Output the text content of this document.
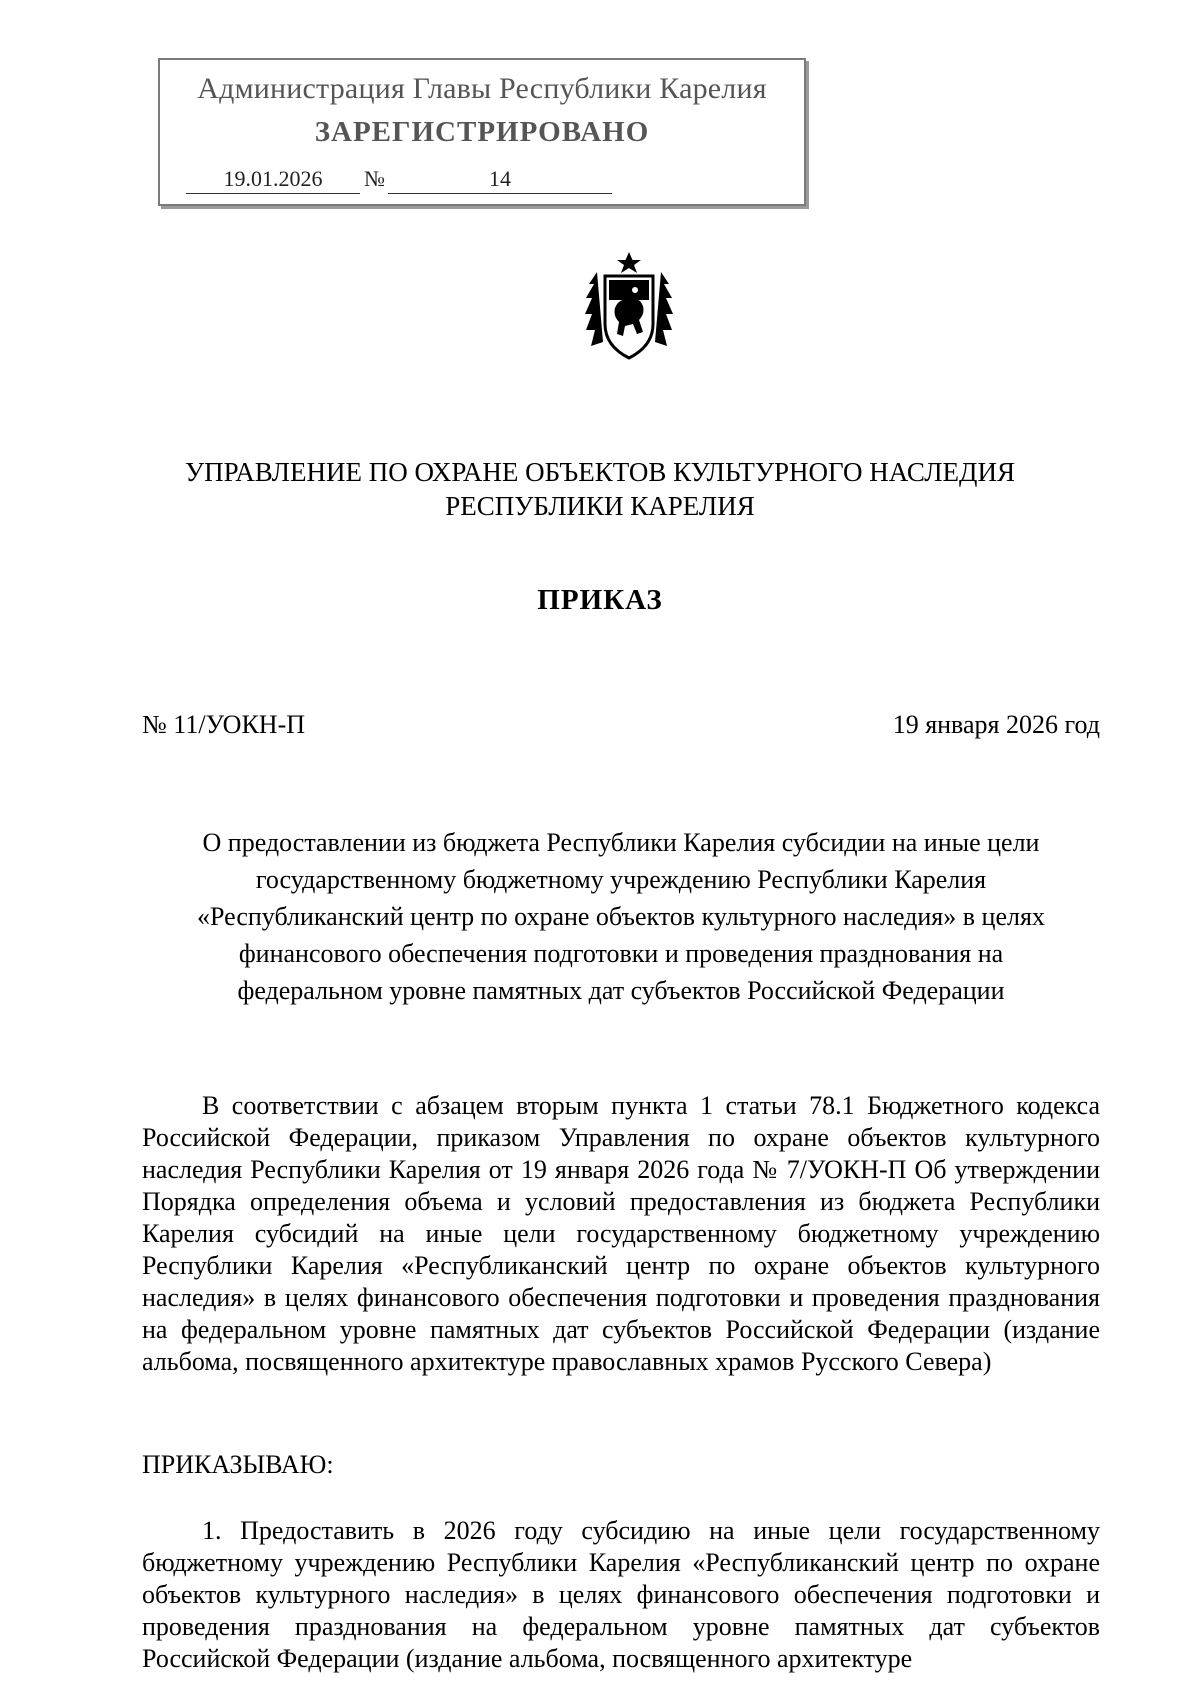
Администрация Главы Республики Карелия
ЗАРЕГИСТРИРОВАНО
19.01.2026	№	14
УПРАВЛЕНИЕ ПО ОХРАНЕ ОБЪЕКТОВ КУЛЬТУРНОГО НАСЛЕДИЯ
РЕСПУБЛИКИ КАРЕЛИЯ
ПРИКАЗ
№ 11/УОКН-П	19 января 2026 год
О предоставлении из бюджета Республики Карелия субсидии на иные цели
государственному бюджетному учреждению Республики Карелия
«Республиканский центр по охране объектов культурного наследия» в целях
финансового обеспечения подготовки и проведения празднования на
федеральном уровне памятных дат субъектов Российской Федерации
В соответствии с абзацем вторым пункта 1 статьи 78.1 Бюджетного кодекса Российской Федерации, приказом Управления по охране объектов культурного наследия Республики Карелия от 19 января 2026 года № 7/УОКН-П Об утверждении Порядка определения объема и условий предоставления из бюджета Республики Карелия субсидий на иные цели государственному бюджетному учреждению Республики Карелия «Республиканский центр по охране объектов культурного наследия» в целях финансового обеспечения подготовки и проведения празднования на федеральном уровне памятных дат субъектов Российской Федерации (издание альбома, посвященного архитектуре православных храмов Русского Севера)
ПРИКАЗЫВАЮ:
1. Предоставить в 2026 году субсидию на иные цели государственному бюджетному учреждению Республики Карелия «Республиканский центр по охране объектов культурного наследия» в целях финансового обеспечения подготовки и проведения празднования на федеральном уровне памятных дат субъектов Российской Федерации (издание альбома, посвященного архитектуре
